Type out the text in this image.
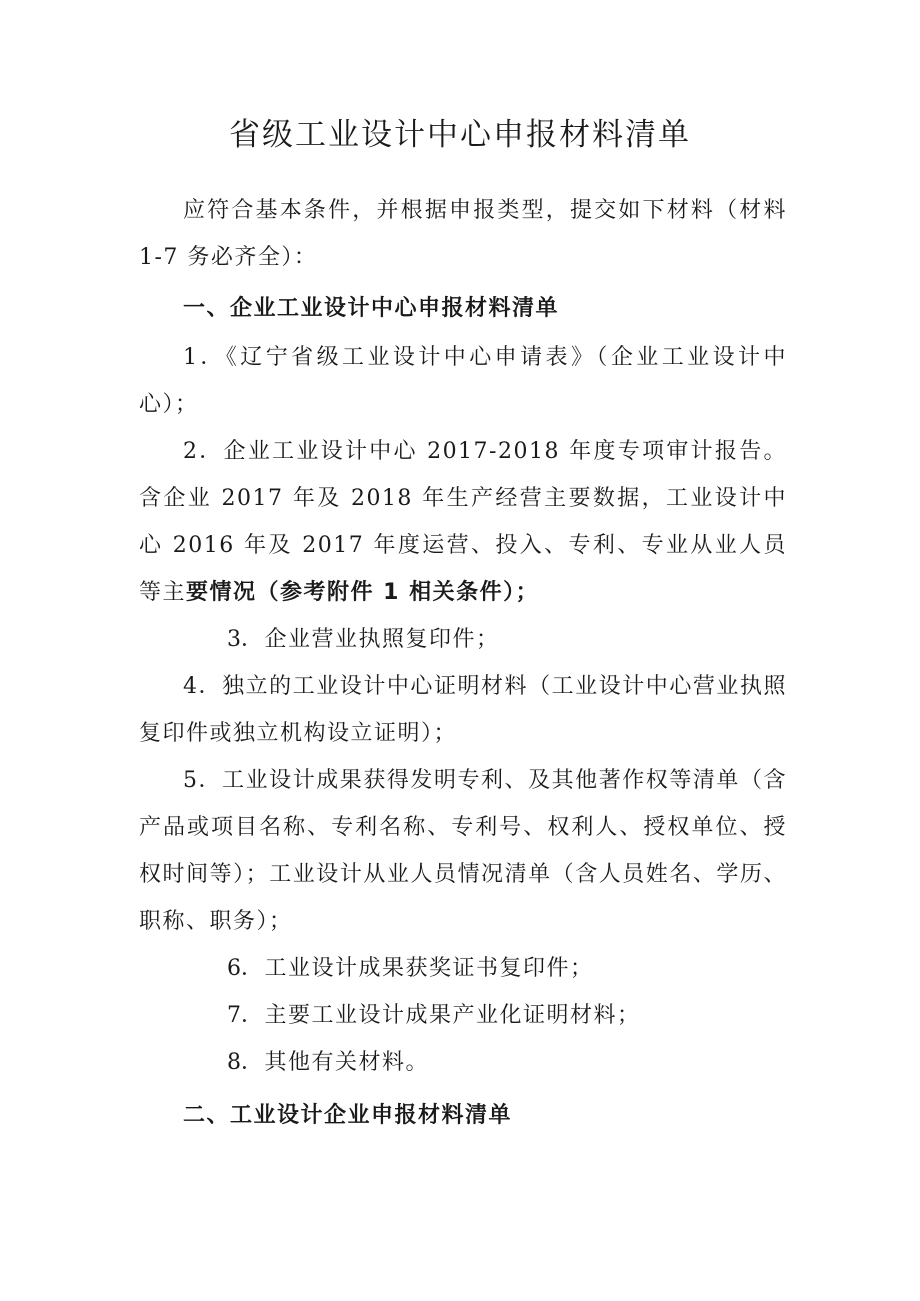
省级工业设计中心申报材料清单

应符合基本条件，并根据申报类型，提交如下材料（材料 1-7 务必齐全）：

一、企业工业设计中心申报材料清单

1．《辽宁省级工业设计中心申请表》（企业工业设计中心）；

2．企业工业设计中心 2017-2018 年度专项审计报告。含企业 2017 年及 2018 年生产经营主要数据，工业设计中心 2016 年及 2017 年度运营、投入、专利、专业从业人员等主要情况（参考附件 1 相关条件）；

3．企业营业执照复印件；

4．独立的工业设计中心证明材料（工业设计中心营业执照复印件或独立机构设立证明）；

5．工业设计成果获得发明专利、及其他著作权等清单（含产品或项目名称、专利名称、专利号、权利人、授权单位、授权时间等）；工业设计从业人员情况清单（含人员姓名、学历、职称、职务）；

6．工业设计成果获奖证书复印件；

7．主要工业设计成果产业化证明材料；

8．其他有关材料。

二、工业设计企业申报材料清单
